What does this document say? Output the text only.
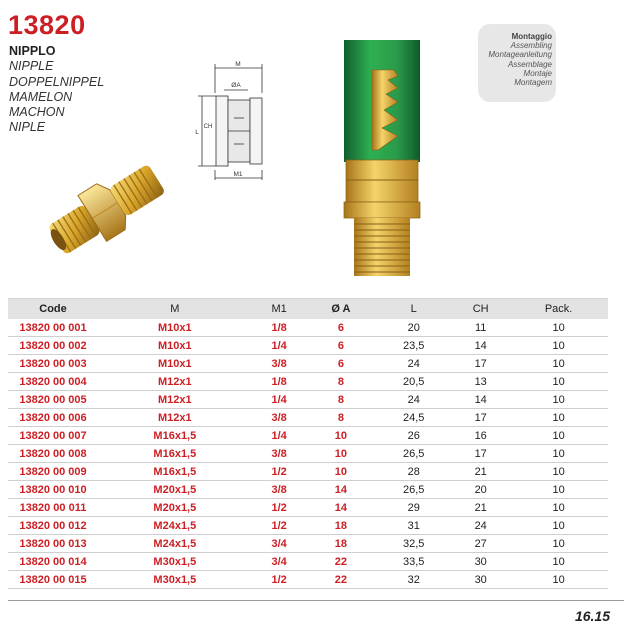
13820
NIPPLO
NIPPLE
DOPPELNIPPEL
MAMELON
MACHON
NIPLE
M
ØA
L
CH
M1
Montaggio
Assembling
Montageanleitung
Assemblage
Montaje
Montagem
Code	M	M1	Ø A	L	CH	Pack.
13820 00 001	M10x1	1/8	6	20	11	10
13820 00 002	M10x1	1/4	6	23,5	14	10
13820 00 003	M10x1	3/8	6	24	17	10
13820 00 004	M12x1	1/8	8	20,5	13	10
13820 00 005	M12x1	1/4	8	24	14	10
13820 00 006	M12x1	3/8	8	24,5	17	10
13820 00 007	M16x1,5	1/4	10	26	16	10
13820 00 008	M16x1,5	3/8	10	26,5	17	10
13820 00 009	M16x1,5	1/2	10	28	21	10
13820 00 010	M20x1,5	3/8	14	26,5	20	10
13820 00 011	M20x1,5	1/2	14	29	21	10
13820 00 012	M24x1,5	1/2	18	31	24	10
13820 00 013	M24x1,5	3/4	18	32,5	27	10
13820 00 014	M30x1,5	3/4	22	33,5	30	10
13820 00 015	M30x1,5	1/2	22	32	30	10
16.15
